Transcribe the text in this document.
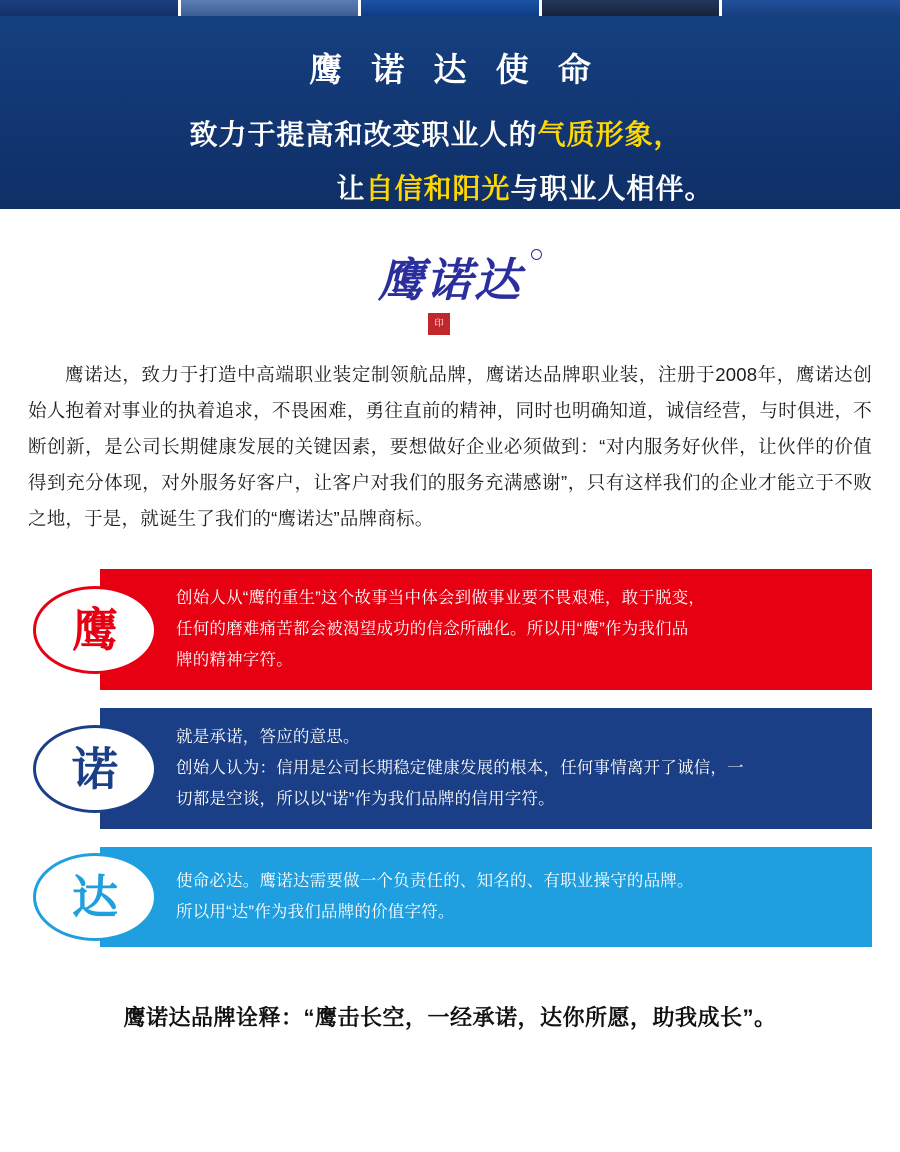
鹰 诺 达 使 命
致力于提高和改变职业人的气质形象，
让自信和阳光与职业人相伴。
鹰诺达
印
鹰诺达，致力于打造中高端职业装定制领航品牌，鹰诺达品牌职业装，注册于2008年，鹰诺达创始人抱着对事业的执着追求，不畏困难，勇往直前的精神，同时也明确知道，诚信经营，与时俱进，不断创新，是公司长期健康发展的关键因素，要想做好企业必须做到：“对内服务好伙伴，让伙伴的价值得到充分体现，对外服务好客户，让客户对我们的服务充满感谢”，只有这样我们的企业才能立于不败之地，于是，就诞生了我们的“鹰诺达”品牌商标。
鹰

创始人从“鹰的重生”这个故事当中体会到做事业要不畏艰难，敢于脱变，

任何的磨难痛苦都会被渴望成功的信念所融化。所以用“鹰”作为我们品

牌的精神字符。

诺

就是承诺，答应的意思。

创始人认为：信用是公司长期稳定健康发展的根本，任何事情离开了诚信，一

切都是空谈，所以以“诺”作为我们品牌的信用字符。

达	使命必达。鹰诺达需要做一个负责任的、知名的、有职业操守的品牌。

所以用“达”作为我们品牌的价值字符。

鹰诺达品牌诠释：“鹰击长空，一经承诺，达你所愿，助我成长”。
